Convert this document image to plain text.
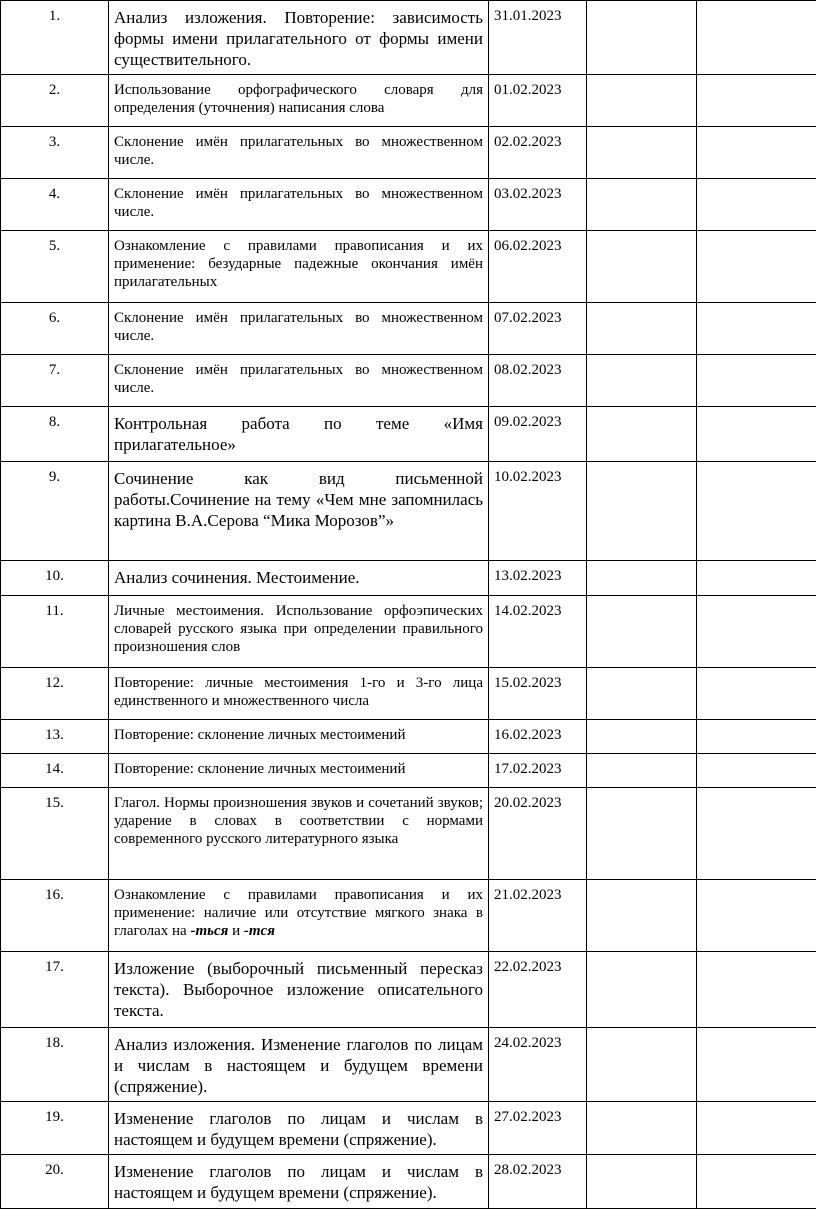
1.	Анализ изложения. Повторение: зависимость формы имени прилагательного от формы имени существительного.	31.01.2023		
2.	Использование орфографического словаря для определения (уточнения) написания слова	01.02.2023		
3.	Склонение имён прилагательных во множественном числе.	02.02.2023		
4.	Склонение имён прилагательных во множественном числе.	03.02.2023		
5.	Ознакомление с правилами правописания и их применение: безударные падежные окончания имён прилагательных	06.02.2023		
6.	Склонение имён прилагательных во множественном числе.	07.02.2023		
7.	Склонение имён прилагательных во множественном числе.	08.02.2023		
8.	Контрольная работа по теме «Имя прилагательное»	09.02.2023		
9.	Сочинение как вид письменной работы.Сочинение на тему «Чем мне запомнилась картина В.А.Серова “Мика Морозов”»	10.02.2023		
10.	Анализ сочинения. Местоимение.	13.02.2023		
11.	Личные местоимения. Использование орфоэпических словарей русского языка при определении правильного произношения слов	14.02.2023		
12.	Повторение: личные местоимения 1-го и 3-го лица единственного и множественного числа	15.02.2023		
13.	Повторение: склонение личных местоимений	16.02.2023		
14.	Повторение: склонение личных местоимений	17.02.2023		
15.	Глагол. Нормы произношения звуков и сочетаний звуков; ударение в словах в соответствии с нормами современного русского литературного языка	20.02.2023		
16.	Ознакомление с правилами правописания и их применение: наличие или отсутствие мягкого знака в глаголах на -ться и -тся	21.02.2023		
17.	Изложение (выборочный письменный пересказ текста). Выборочное изложение описательного текста.	22.02.2023		
18.	Анализ изложения. Изменение глаголов по лицам и числам в настоящем и будущем времени (спряжение).	24.02.2023		
19.	Изменение глаголов по лицам и числам в настоящем и будущем времени (спряжение).	27.02.2023		
20.	Изменение глаголов по лицам и числам в настоящем и будущем времени (спряжение).	28.02.2023		
